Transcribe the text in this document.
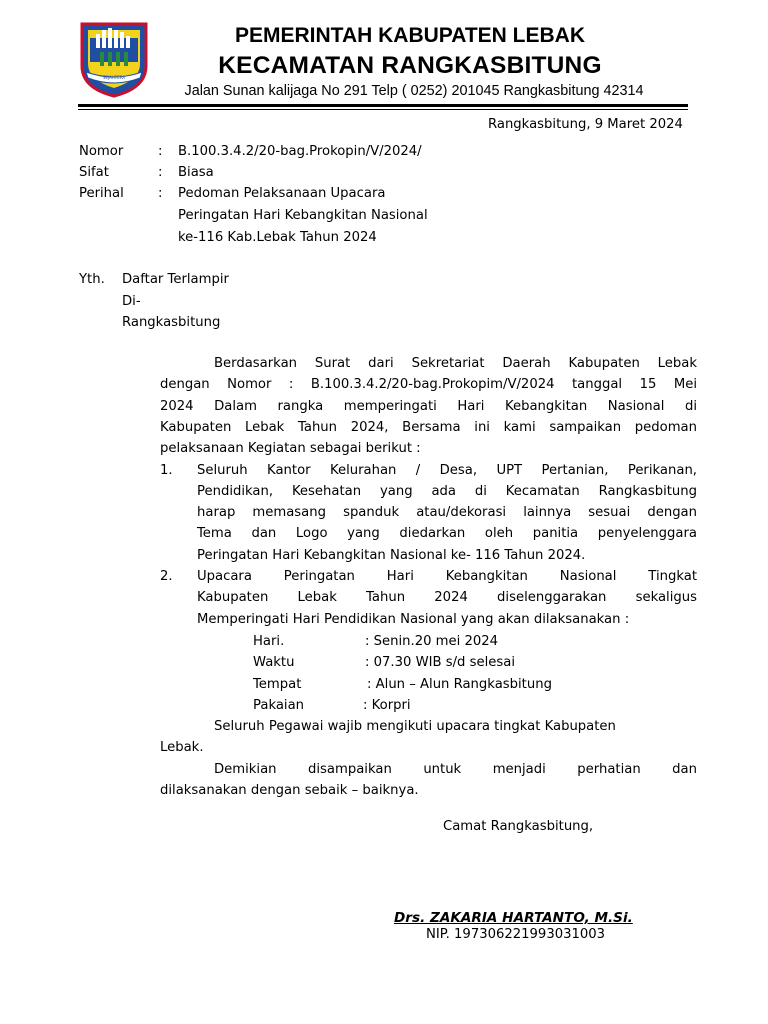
SEJAHTERA
PEMERINTAH KABUPATEN LEBAK
KECAMATAN RANGKASBITUNG
Jalan Sunan kalijaga No 291 Telp ( 0252) 201045 Rangkasbitung 42314
Rangkasbitung, 9 Maret 2024
Nomor	: B.100.3.4.2/20-bag.Prokopin/V/2024/
Sifat	: Biasa
Perihal	: Pedoman Pelaksanaan Upacara
Peringatan Hari Kebangkitan Nasional
ke-116 Kab.Lebak Tahun 2024
Yth. Daftar Terlampir
Di-
Rangkasbitung
Berdasarkan Surat dari Sekretariat Daerah Kabupaten Lebak
dengan Nomor : B.100.3.4.2/20-bag.Prokopim/V/2024 tanggal 15 Mei
2024 Dalam rangka memperingati Hari Kebangkitan Nasional di
Kabupaten Lebak Tahun 2024, Bersama ini kami sampaikan pedoman
pelaksanaan Kegiatan sebagai berikut :
1. Seluruh Kantor Kelurahan / Desa, UPT Pertanian, Perikanan,
Pendidikan, Kesehatan yang ada di Kecamatan Rangkasbitung
harap memasang spanduk atau/dekorasi lainnya sesuai dengan
Tema dan Logo yang diedarkan oleh panitia penyelenggara
Peringatan Hari Kebangkitan Nasional ke- 116 Tahun 2024.
2. Upacara Peringatan Hari Kebangkitan Nasional Tingkat
Kabupaten Lebak Tahun 2024 diselenggarakan sekaligus
Memperingati Hari Pendidikan Nasional yang akan dilaksanakan :
Hari.	: Senin.20 mei 2024
Waktu	: 07.30 WIB s/d selesai
Tempat	: Alun – Alun Rangkasbitung
Pakaian	: Korpri
Seluruh Pegawai wajib mengikuti upacara tingkat Kabupaten
Lebak.
Demikian disampaikan untuk menjadi perhatian dan
dilaksanakan dengan sebaik – baiknya.
Camat Rangkasbitung,
Drs. ZAKARIA HARTANTO, M.Si.
NIP. 197306221993031003
